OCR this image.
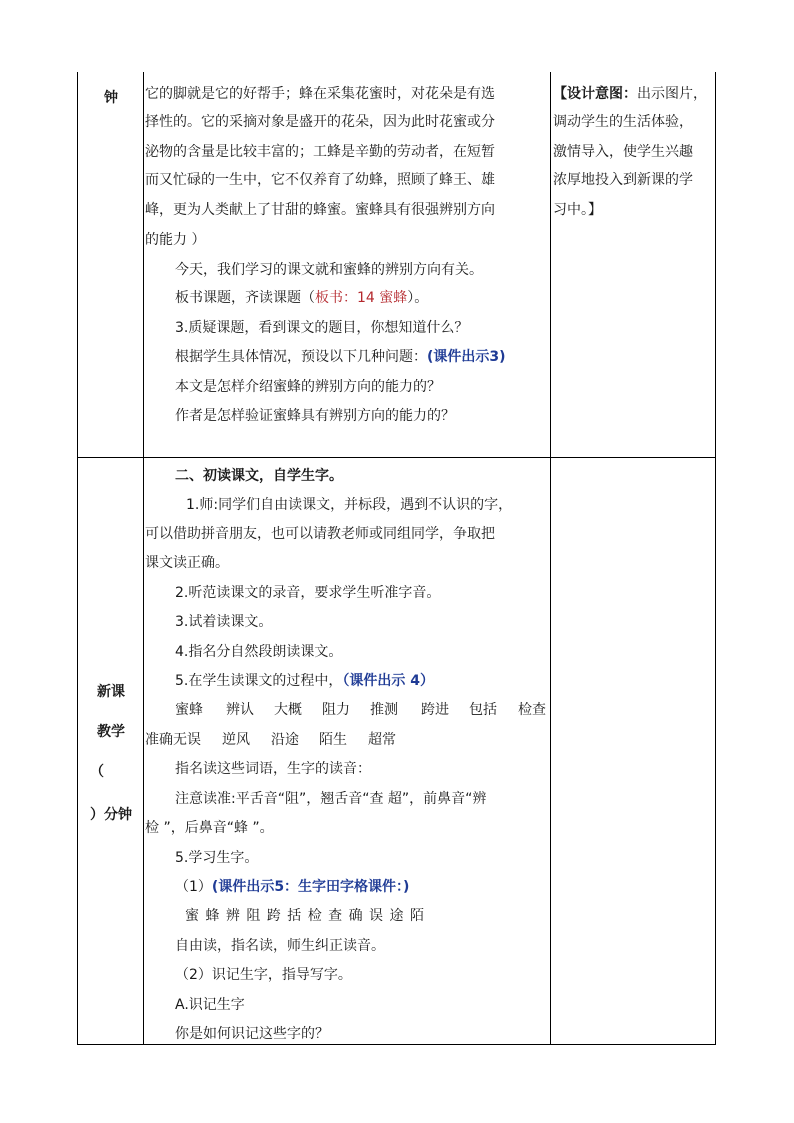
钟	它的脚就是它的好帮手；蜂在采集花蜜时，对花朵是有选
择性的。它的采摘对象是盛开的花朵，因为此时花蜜或分
泌物的含量是比较丰富的；工蜂是辛勤的劳动者，在短暂
而又忙碌的一生中，它不仅养育了幼蜂，照顾了蜂王、雄
峰，更为人类献上了甘甜的蜂蜜。蜜蜂具有很强辨别方向
的能力 ）
今天，我们学习的课文就和蜜蜂的辨别方向有关。
板书课题，齐读课题（板书：14 蜜蜂）。
3.质疑课题，看到课文的题目，你想知道什么？
根据学生具体情况，预设以下几种问题：(课件出示3)
本文是怎样介绍蜜蜂的辨别方向的能力的？
作者是怎样验证蜜蜂具有辨别方向的能力的？
【设计意图：出示图片，
调动学生的生活体验，
激情导入，使学生兴趣
浓厚地投入到新课的学
习中。】
新课
教学
（
）分钟
二、初读课文，自学生字。
1.师:同学们自由读课文，并标段，遇到不认识的字，
可以借助拼音朋友，也可以请教老师或同组同学，争取把
课文读正确。
2.听范读课文的录音，要求学生听准字音。
3.试着读课文。
4.指名分自然段朗读课文。
5.在学生读课文的过程中，（课件出示 4）
蜜蜂 辨认 大概 阻力 推测 跨进 包括 检查
准确无误 逆风 沿途 陌生 超常
指名读这些词语，生字的读音：
注意读准:平舌音“阻”，翘舌音“查 超”，前鼻音“辨
检 ”，后鼻音“蜂 ”。
5.学习生字。
（1）(课件出示5：生字田字格课件：)
蜜 蜂 辨 阻 跨 括 检 查 确 误 途 陌
自由读，指名读，师生纠正读音。
（2）识记生字，指导写字。
A.识记生字
你是如何识记这些字的？
